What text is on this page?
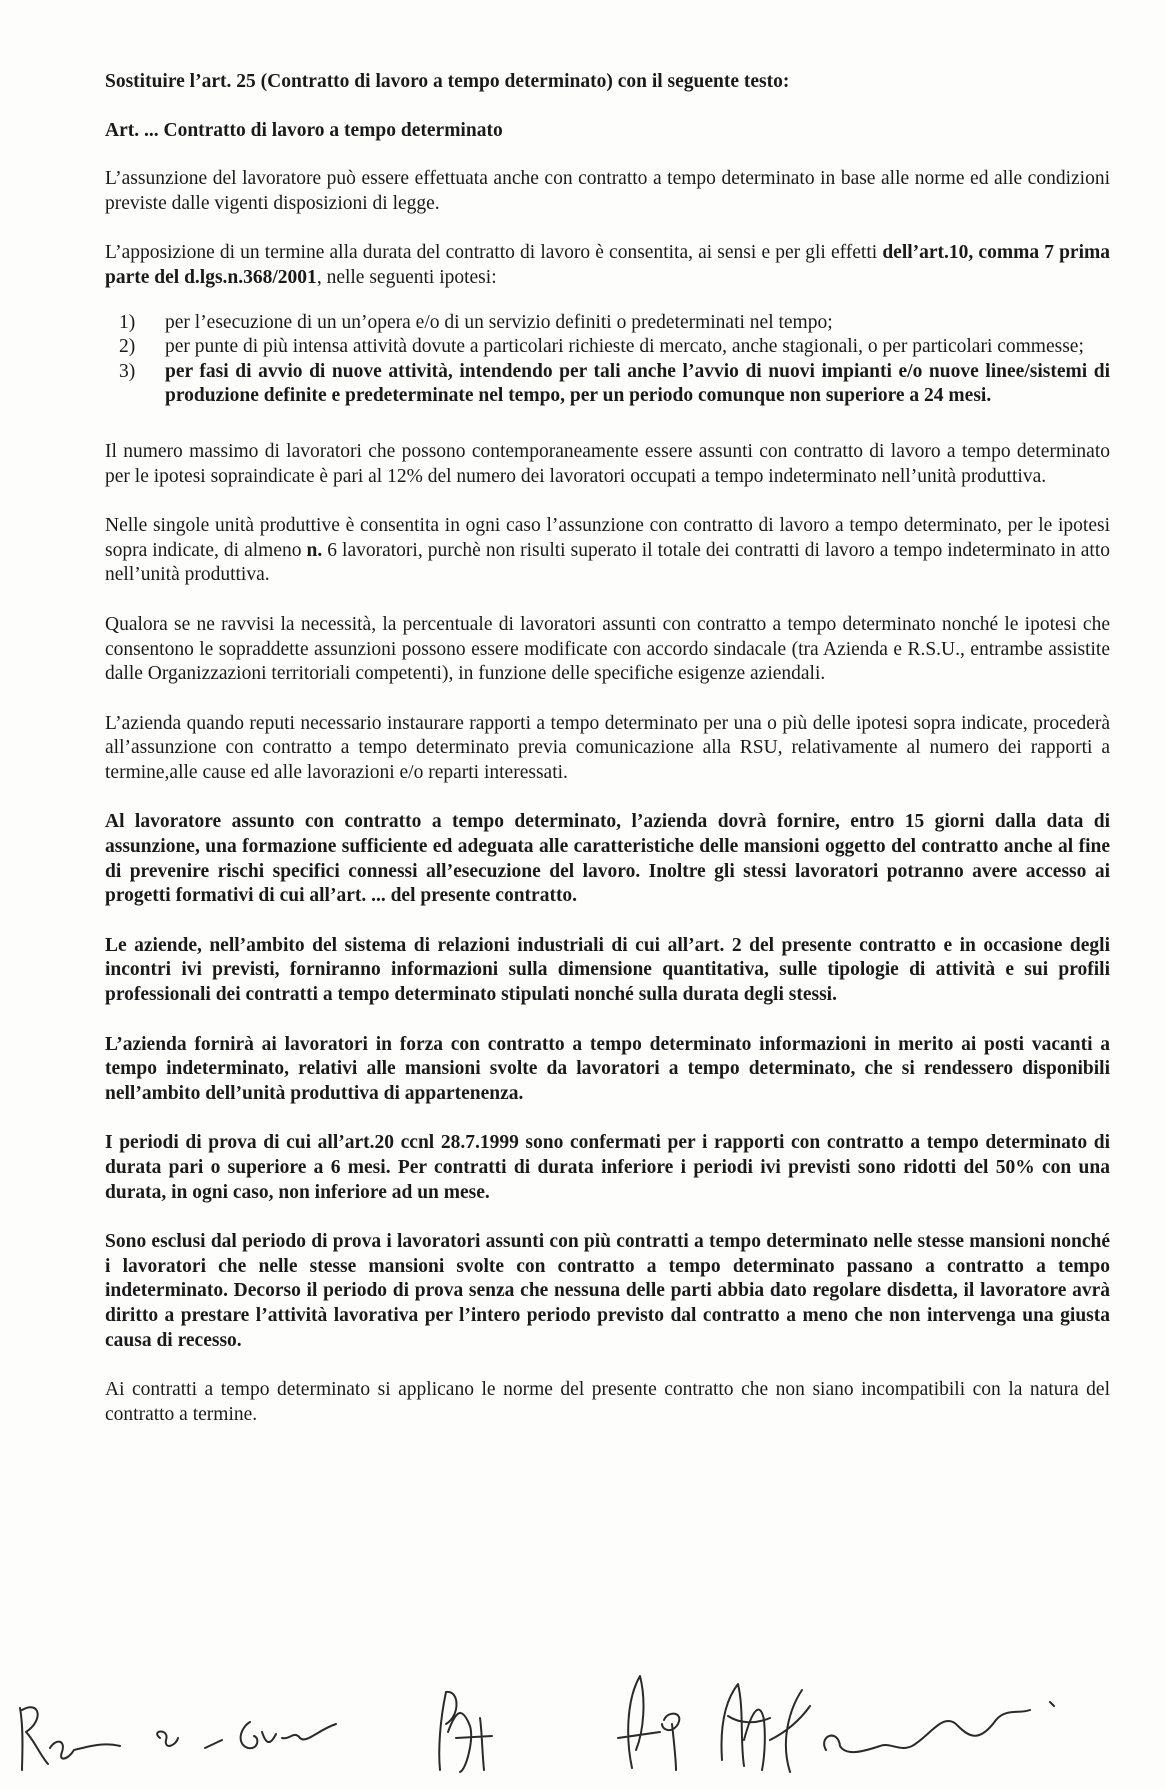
Sostituire l’art. 25 (Contratto di lavoro a tempo determinato) con il seguente testo:

Art. ... Contratto di lavoro a tempo determinato

L’assunzione del lavoratore può essere effettuata anche con contratto a tempo determinato in base alle norme ed alle condizioni previste dalle vigenti disposizioni di legge.

L’apposizione di un termine alla durata del contratto di lavoro è consentita, ai sensi e per gli effetti dell’art.10, comma 7 prima parte del d.lgs.n.368/2001, nelle seguenti ipotesi:

1) per l’esecuzione di un un’opera e/o di un servizio definiti o predeterminati nel tempo;
2) per punte di più intensa attività dovute a particolari richieste di mercato, anche stagionali, o per particolari commesse;
3) per fasi di avvio di nuove attività, intendendo per tali anche l’avvio di nuovi impianti e/o nuove linee/sistemi di produzione definite e predeterminate nel tempo, per un periodo comunque non superiore a 24 mesi.

Il numero massimo di lavoratori che possono contemporaneamente essere assunti con contratto di lavoro a tempo determinato per le ipotesi sopraindicate è pari al 12% del numero dei lavoratori occupati a tempo indeterminato nell’unità produttiva.

Nelle singole unità produttive è consentita in ogni caso l’assunzione con contratto di lavoro a tempo determinato, per le ipotesi sopra indicate, di almeno n. 6 lavoratori, purchè non risulti superato il totale dei contratti di lavoro a tempo indeterminato in atto nell’unità produttiva.

Qualora se ne ravvisi la necessità, la percentuale di lavoratori assunti con contratto a tempo determinato nonché le ipotesi che consentono le sopraddette assunzioni possono essere modificate con accordo sindacale (tra Azienda e R.S.U., entrambe assistite dalle Organizzazioni territoriali competenti), in funzione delle specifiche esigenze aziendali.

L’azienda quando reputi necessario instaurare rapporti a tempo determinato per una o più delle ipotesi sopra indicate, procederà all’assunzione con contratto a tempo determinato previa comunicazione alla RSU, relativamente al numero dei rapporti a termine,alle cause ed alle lavorazioni e/o reparti interessati.

Al lavoratore assunto con contratto a tempo determinato, l’azienda dovrà fornire, entro 15 giorni dalla data di assunzione, una formazione sufficiente ed adeguata alle caratteristiche delle mansioni oggetto del contratto anche al fine di prevenire rischi specifici connessi all’esecuzione del lavoro. Inoltre gli stessi lavoratori potranno avere accesso ai progetti formativi di cui all’art. ... del presente contratto.

Le aziende, nell’ambito del sistema di relazioni industriali di cui all’art. 2 del presente contratto e in occasione degli incontri ivi previsti, forniranno informazioni sulla dimensione quantitativa, sulle tipologie di attività e sui profili professionali dei contratti a tempo determinato stipulati nonché sulla durata degli stessi.

L’azienda fornirà ai lavoratori in forza con contratto a tempo determinato informazioni in merito ai posti vacanti a tempo indeterminato, relativi alle mansioni svolte da lavoratori a tempo determinato, che si rendessero disponibili nell’ambito dell’unità produttiva di appartenenza.

I periodi di prova di cui all’art.20 ccnl 28.7.1999 sono confermati per i rapporti con contratto a tempo determinato di durata pari o superiore a 6 mesi. Per contratti di durata inferiore i periodi ivi previsti sono ridotti del 50% con una durata, in ogni caso, non inferiore ad un mese.

Sono esclusi dal periodo di prova i lavoratori assunti con più contratti a tempo determinato nelle stesse mansioni nonché i lavoratori che nelle stesse mansioni svolte con contratto a tempo determinato passano a contratto a tempo indeterminato. Decorso il periodo di prova senza che nessuna delle parti abbia dato regolare disdetta, il lavoratore avrà diritto a prestare l’attività lavorativa per l’intero periodo previsto dal contratto a meno che non intervenga una giusta causa di recesso.

Ai contratti a tempo determinato si applicano le norme del presente contratto che non siano incompatibili con la natura del contratto a termine.
